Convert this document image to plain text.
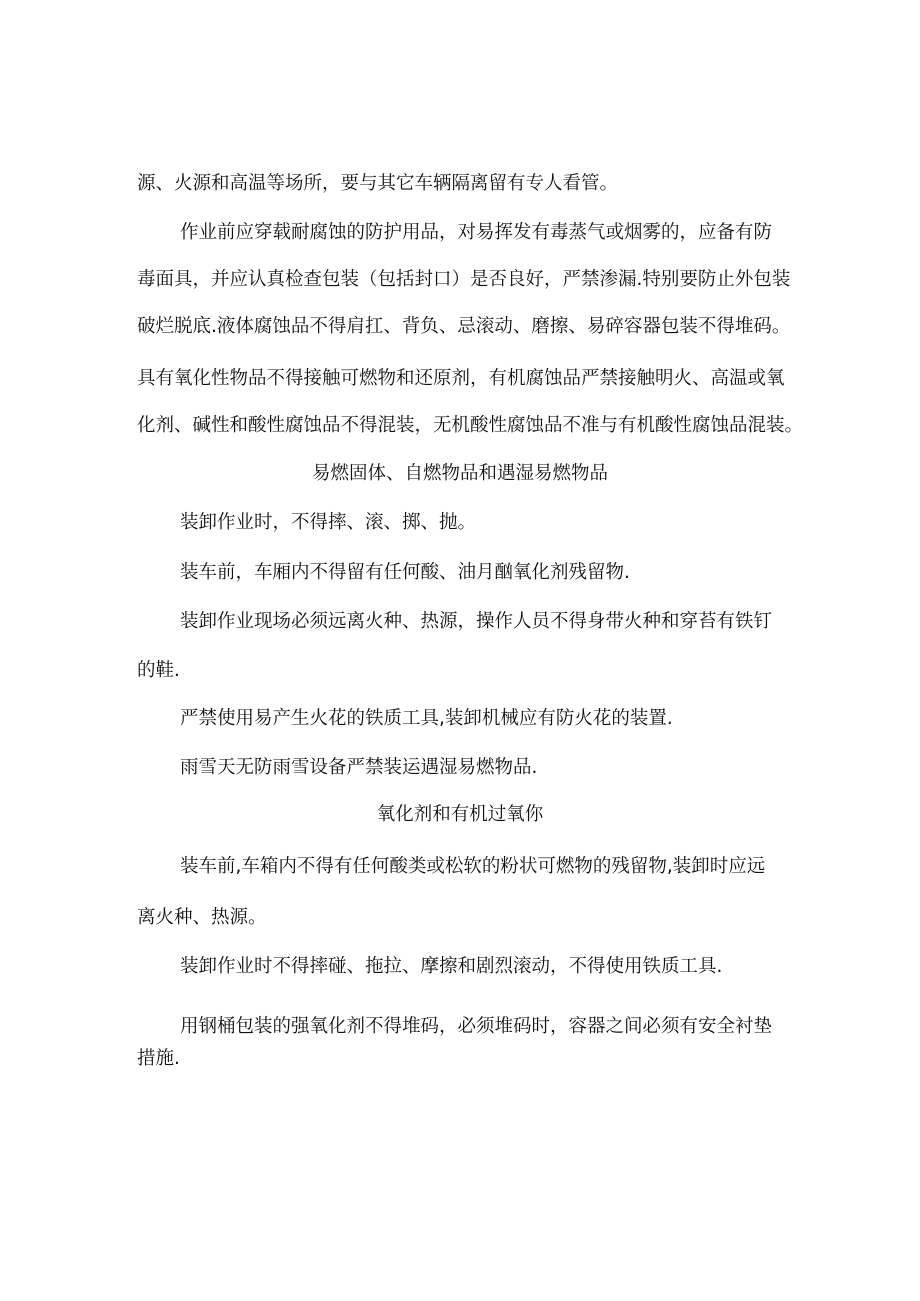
源、火源和高温等场所，要与其它车辆隔离留有专人看管。

作业前应穿载耐腐蚀的防护用品，对易挥发有毒蒸气或烟雾的，应备有防

毒面具，并应认真检查包装（包括封口）是否良好，严禁渗漏.特别要防止外包装

破烂脱底.液体腐蚀品不得肩扛、背负、忌滚动、磨擦、易碎容器包装不得堆码。

具有氧化性物品不得接触可燃物和还原剂，有机腐蚀品严禁接触明火、高温或氧

化剂、碱性和酸性腐蚀品不得混装，无机酸性腐蚀品不准与有机酸性腐蚀品混装。

易燃固体、自燃物品和遇湿易燃物品

装卸作业时，不得摔、滚、掷、抛。

装车前，车厢内不得留有任何酸、油月酗氧化剂残留物.

装卸作业现场必须远离火种、热源，操作人员不得身带火种和穿苔有铁钉

的鞋.

严禁使用易产生火花的铁质工具,装卸机械应有防火花的装置.

雨雪天无防雨雪设备严禁装运遇湿易燃物品.

氧化剂和有机过氧你

装车前,车箱内不得有任何酸类或松软的粉状可燃物的残留物,装卸时应远

离火种、热源。

装卸作业时不得摔碰、拖拉、摩擦和剧烈滚动，不得使用铁质工具.

用钢桶包装的强氧化剂不得堆码，必须堆码时，容器之间必须有安全衬垫

措施.
